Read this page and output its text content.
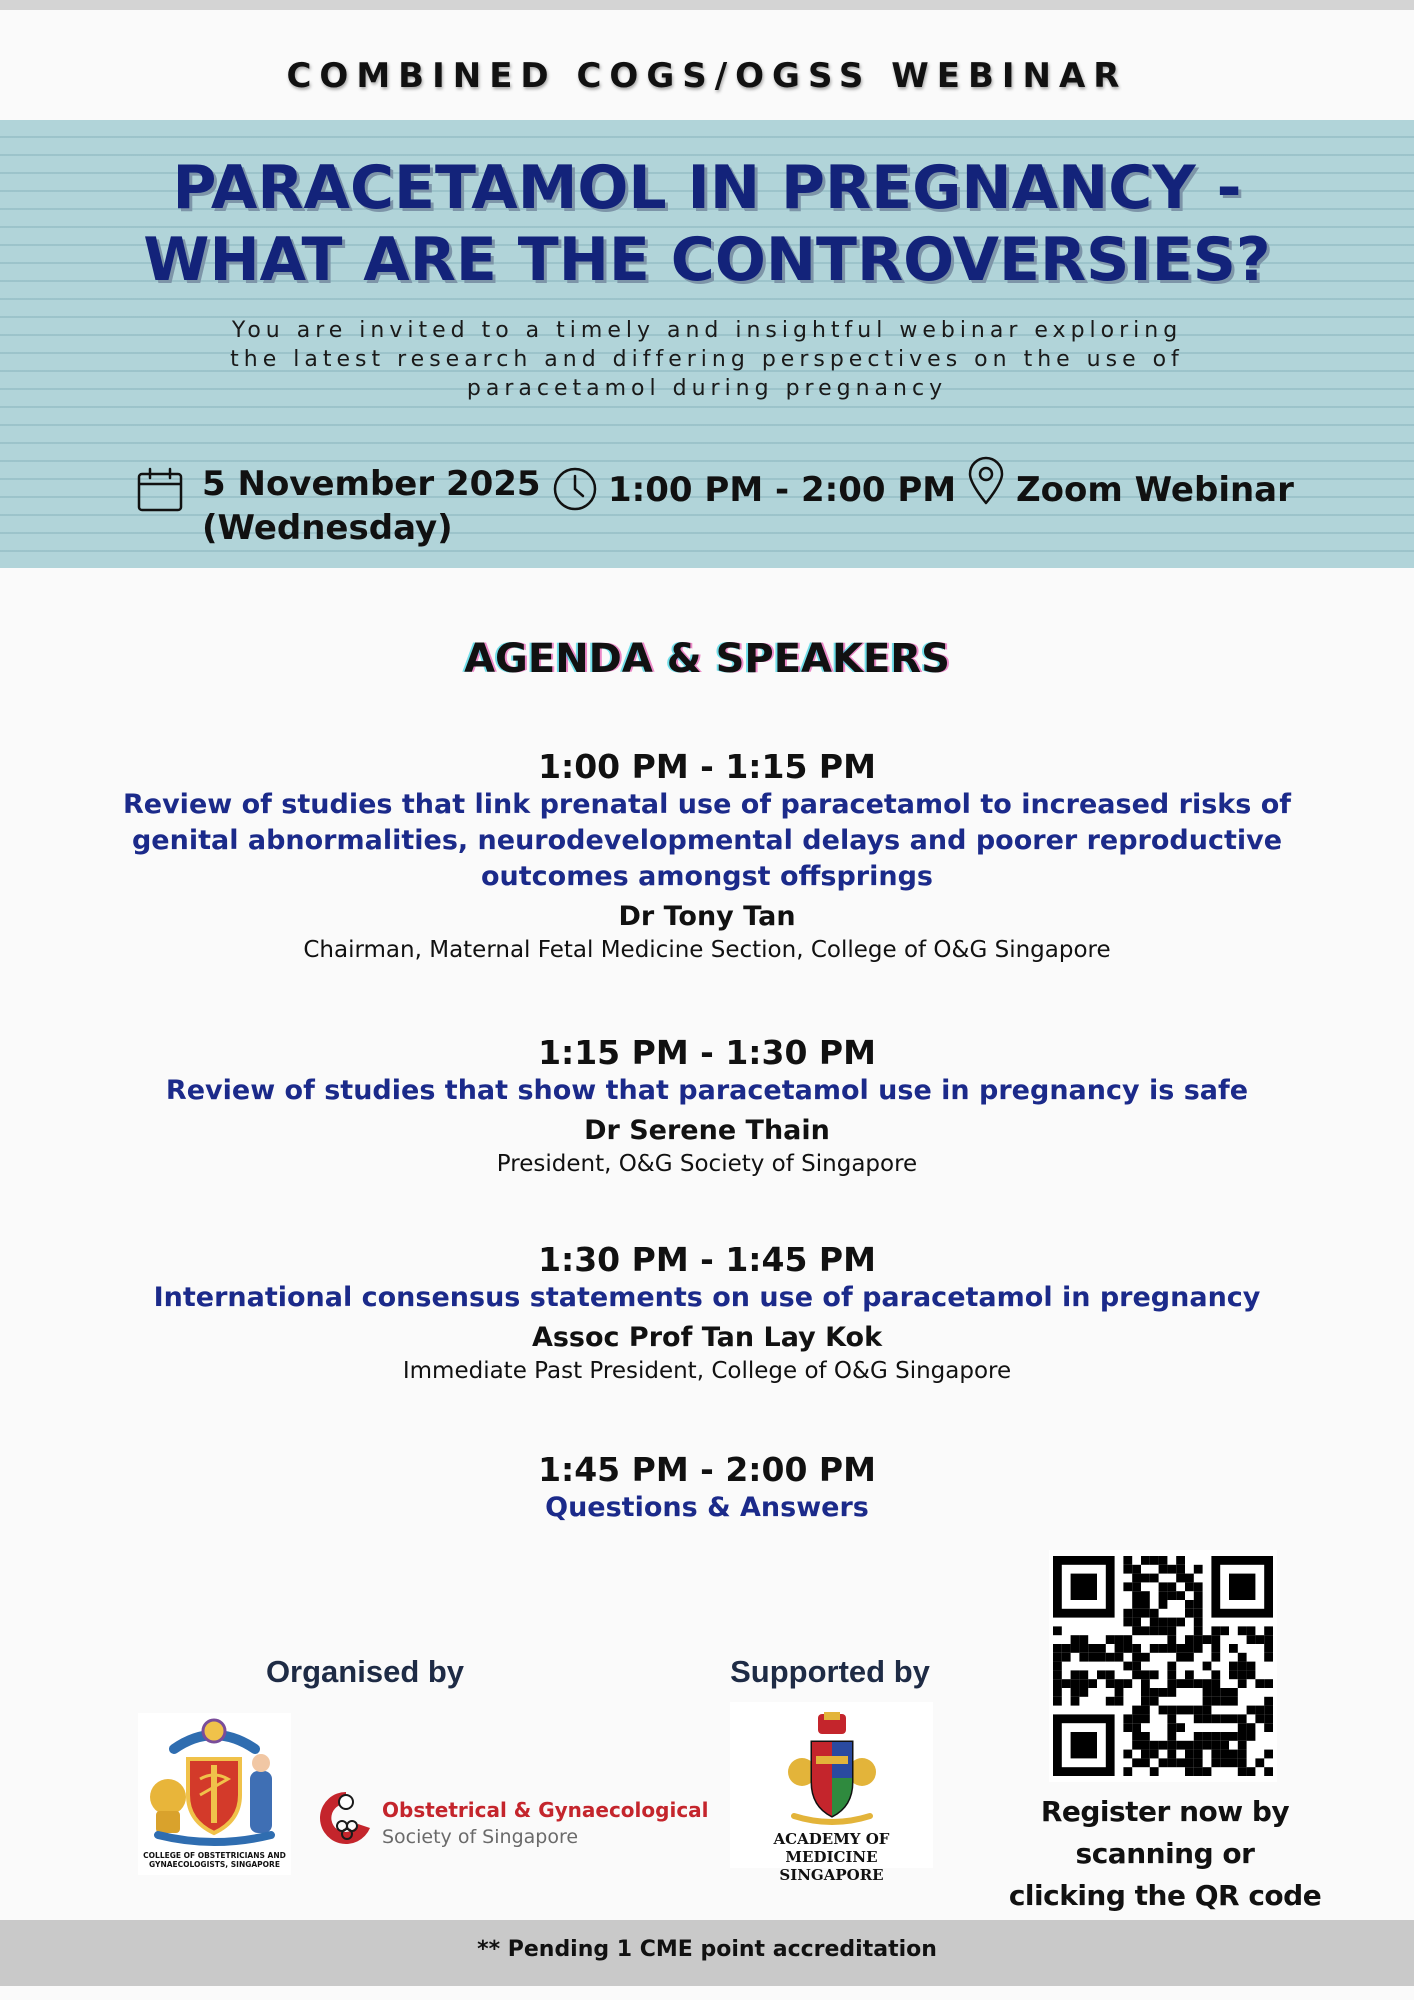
COMBINED COGS/OGSS WEBINAR
PARACETAMOL IN PREGNANCY -
WHAT ARE THE CONTROVERSIES?
You are invited to a timely and insightful webinar exploring
the latest research and differing perspectives on the use of
paracetamol during pregnancy
5 November 2025
(Wednesday)
1:00 PM - 2:00 PM Zoom Webinar
AGENDA & SPEAKERS
1:00 PM - 1:15 PM
Review of studies that link prenatal use of paracetamol to increased risks of
genital abnormalities, neurodevelopmental delays and poorer reproductive
outcomes amongst offsprings
Dr Tony Tan
Chairman, Maternal Fetal Medicine Section, College of O&G Singapore
1:15 PM - 1:30 PM
Review of studies that show that paracetamol use in pregnancy is safe
Dr Serene Thain
President, O&G Society of Singapore
1:30 PM - 1:45 PM
International consensus statements on use of paracetamol in pregnancy
Assoc Prof Tan Lay Kok
Immediate Past President, College of O&G Singapore
1:45 PM - 2:00 PM
Questions & Answers
Organised by	Supported by
COLLEGE OF OBSTETRICIANS AND GYNAECOLOGISTS, SINGAPORE
Obstetrical & Gynaecological
Society of Singapore	ACADEMY OF MEDICINE
SINGAPORE
Register now by scanning or
clicking the QR code
** Pending 1 CME point accreditation
